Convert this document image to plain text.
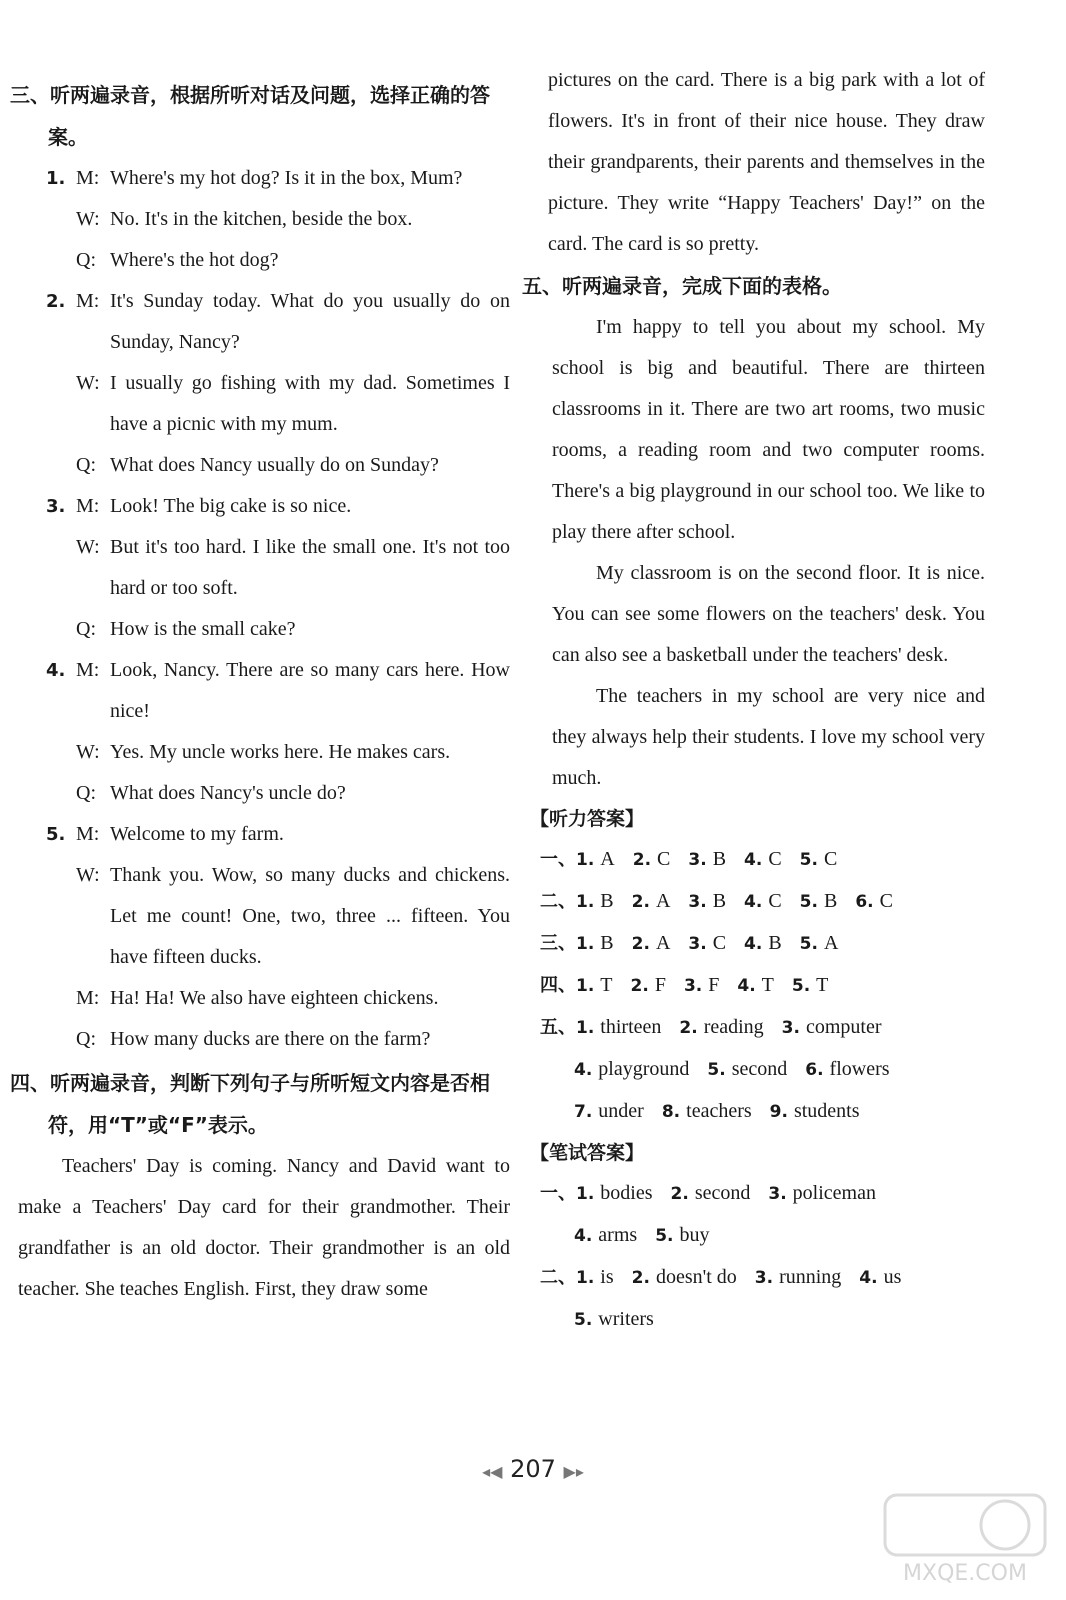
三、听两遍录音，根据所听对话及问题，选择正确的答案。
1. M: Where's my hot dog? Is it in the box, Mum?
W: No. It's in the kitchen, beside the box.
Q: Where's the hot dog?
2. M: It's Sunday today. What do you usually do on Sunday, Nancy?
W: I usually go fishing with my dad. Sometimes I have a picnic with my mum.
Q: What does Nancy usually do on Sunday?
3. M: Look! The big cake is so nice.
W: But it's too hard. I like the small one. It's not too hard or too soft.
Q: How is the small cake?
4. M: Look, Nancy. There are so many cars here. How nice!
W: Yes. My uncle works here. He makes cars.
Q: What does Nancy's uncle do?
5. M: Welcome to my farm.
W: Thank you. Wow, so many ducks and chickens. Let me count! One, two, three ... fifteen. You have fifteen ducks.
M: Ha! Ha! We also have eighteen chickens.
Q: How many ducks are there on the farm?
四、听两遍录音，判断下列句子与所听短文内容是否相符，用“T”或“F”表示。
Teachers' Day is coming. Nancy and David want to make a Teachers' Day card for their grandmother. Their grandfather is an old doctor. Their grandmother is an old teacher. She teaches English. First, they draw some
pictures on the card. There is a big park with a lot of flowers. It's in front of their nice house. They draw their grandparents, their parents and themselves in the picture. They write “Happy Teachers' Day!” on the card. The card is so pretty.
五、听两遍录音，完成下面的表格。
I'm happy to tell you about my school. My school is big and beautiful. There are thirteen classrooms in it. There are two art rooms, two music rooms, a reading room and two computer rooms. There's a big playground in our school too. We like to play there after school.
My classroom is on the second floor. It is nice. You can see some flowers on the teachers' desk. You can also see a basketball under the teachers' desk.
The teachers in my school are very nice and they always help their students. I love my school very much.
【听力答案】
一、 1. A 2. C 3. B 4. C 5. C
二、 1. B 2. A 3. B 4. C 5. B 6. C
三、 1. B 2. A 3. C 4. B 5. A
四、 1. T 2. F 3. F 4. T 5. T
五、 1. thirteen 2. reading 3. computer
4. playground 5. second 6. flowers
7. under 8. teachers 9. students
【笔试答案】
一、 1. bodies 2. second 3. policeman
4. arms 5. buy
二、 1. is 2. doesn't do 3. running 4. us
5. writers
◂◀ 207 ▶▸
MXQE.COM
